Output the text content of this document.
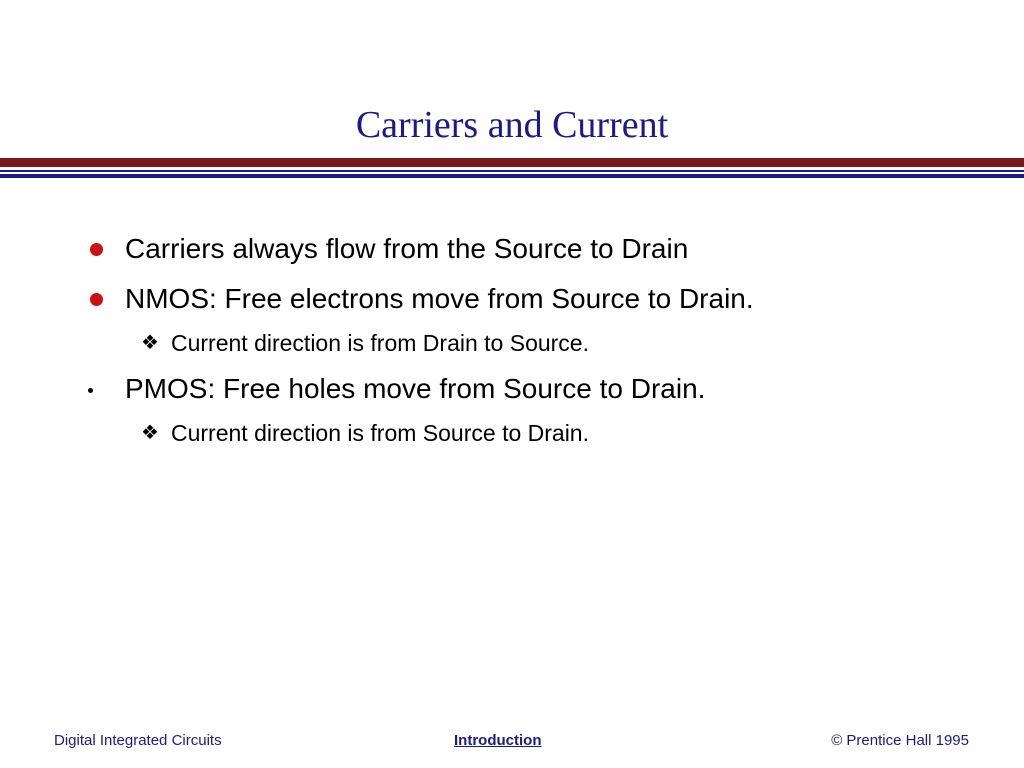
Carriers and Current
Carriers always flow from the Source to Drain
NMOS: Free electrons move from Source to Drain.
❖ Current direction is from Drain to Source.
PMOS: Free holes move from Source to Drain.
❖ Current direction is from Source to Drain.
Digital Integrated Circuits	Introduction	© Prentice Hall 1995
